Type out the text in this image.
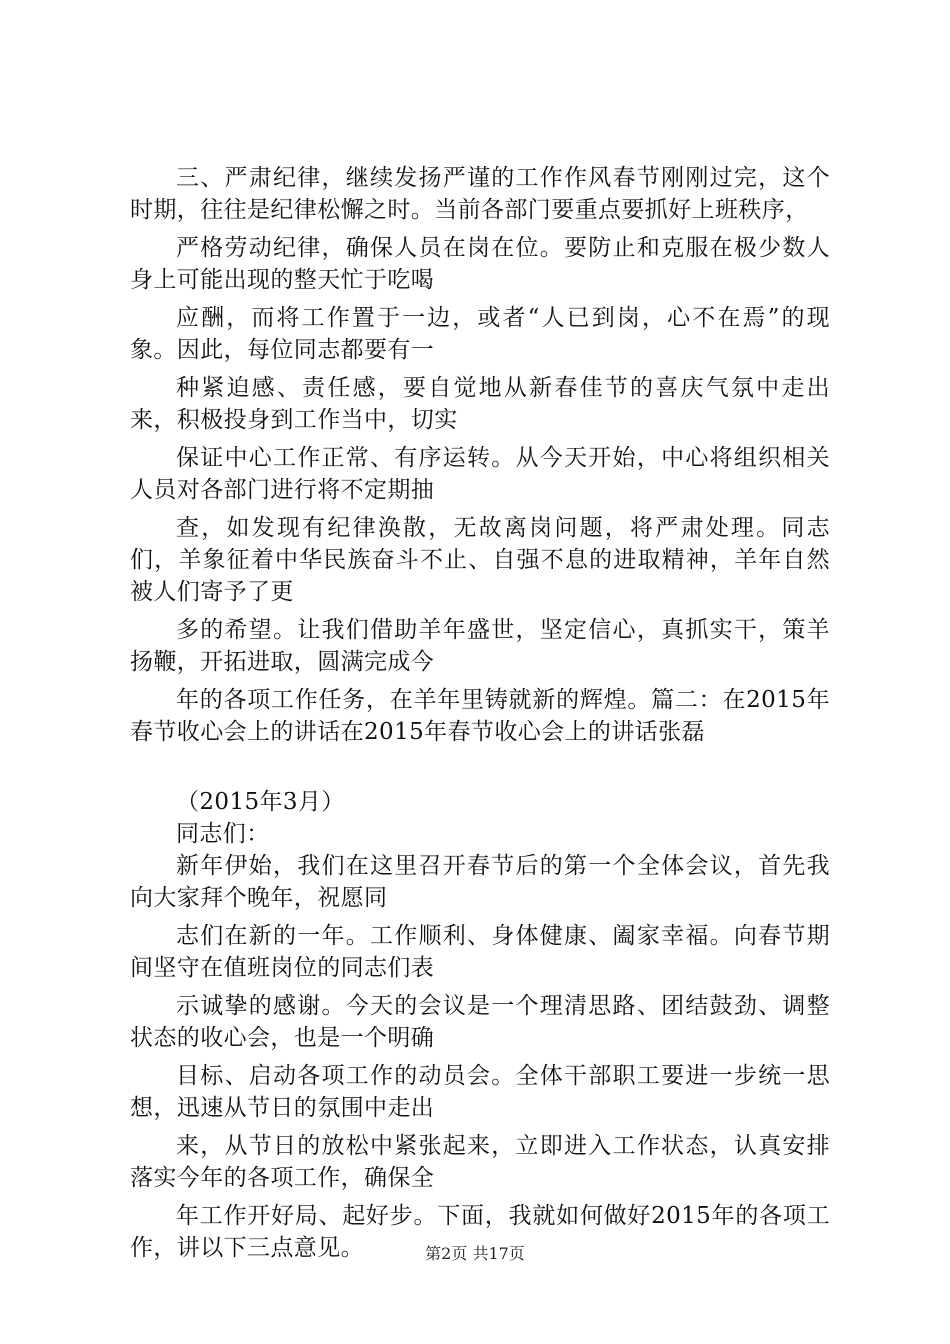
三、严肃纪律，继续发扬严谨的工作作风春节刚刚过完，这个时期，往往是纪律松懈之时。当前各部门要重点要抓好上班秩序，

严格劳动纪律，确保人员在岗在位。要防止和克服在极少数人身上可能出现的整天忙于吃喝

应酬，而将工作置于一边，或者“人已到岗，心不在焉”的现象。因此，每位同志都要有一

种紧迫感、责任感，要自觉地从新春佳节的喜庆气氛中走出来，积极投身到工作当中，切实

保证中心工作正常、有序运转。从今天开始，中心将组织相关人员对各部门进行将不定期抽

查，如发现有纪律涣散，无故离岗问题，将严肃处理。同志们，羊象征着中华民族奋斗不止、自强不息的进取精神，羊年自然被人们寄予了更

多的希望。让我们借助羊年盛世，坚定信心，真抓实干，策羊扬鞭，开拓进取，圆满完成今

年的各项工作任务，在羊年里铸就新的辉煌。篇二：在2015年春节收心会上的讲话在2015年春节收心会上的讲话张磊

（2015年3月）

同志们：

新年伊始，我们在这里召开春节后的第一个全体会议，首先我向大家拜个晚年，祝愿同

志们在新的一年。工作顺利、身体健康、阖家幸福。向春节期间坚守在值班岗位的同志们表

示诚挚的感谢。今天的会议是一个理清思路、团结鼓劲、调整状态的收心会，也是一个明确

目标、启动各项工作的动员会。全体干部职工要进一步统一思想，迅速从节日的氛围中走出

来，从节日的放松中紧张起来，立即进入工作状态，认真安排落实今年的各项工作，确保全

年工作开好局、起好步。下面，我就如何做好2015年的各项工作，讲以下三点意见。	第2页 共17页
